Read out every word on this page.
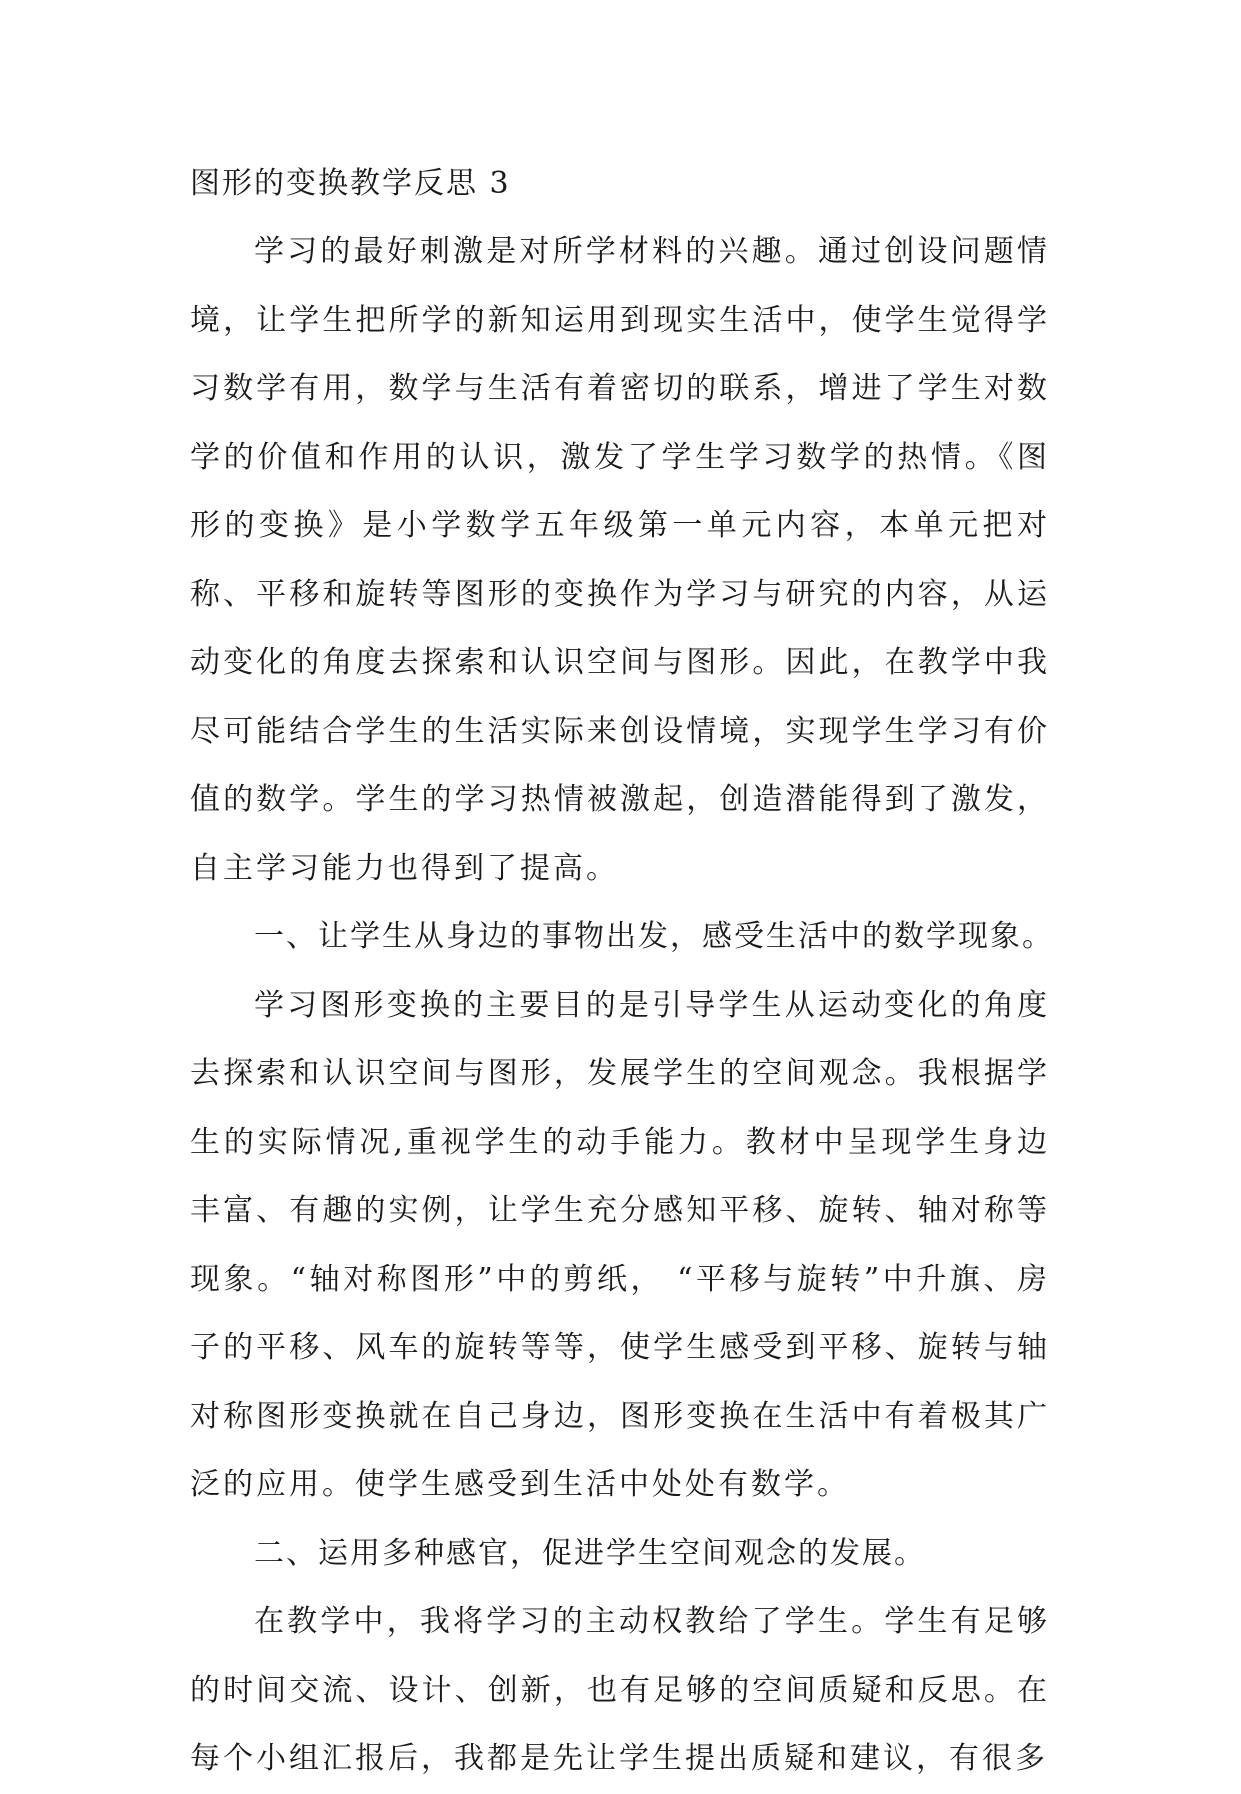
图形的变换教学反思 3

学习的最好刺激是对所学材料的兴趣。通过创设问题情境，让学生把所学的新知运用到现实生活中，使学生觉得学习数学有用，数学与生活有着密切的联系，增进了学生对数学的价值和作用的认识，激发了学生学习数学的热情。《图形的变换》是小学数学五年级第一单元内容，本单元把对称、平移和旋转等图形的变换作为学习与研究的内容，从运动变化的角度去探索和认识空间与图形。因此，在教学中我尽可能结合学生的生活实际来创设情境，实现学生学习有价值的数学。学生的学习热情被激起，创造潜能得到了激发，自主学习能力也得到了提高。

一、让学生从身边的事物出发，感受生活中的数学现象。

学习图形变换的主要目的是引导学生从运动变化的角度去探索和认识空间与图形，发展学生的空间观念。我根据学生的实际情况,重视学生的动手能力。教材中呈现学生身边丰富、有趣的实例，让学生充分感知平移、旋转、轴对称等现象。“轴对称图形”中的剪纸， “平移与旋转”中升旗、房子的平移、风车的旋转等等，使学生感受到平移、旋转与轴对称图形变换就在自己身边，图形变换在生活中有着极其广泛的应用。使学生感受到生活中处处有数学。

二、运用多种感官，促进学生空间观念的发展。

在教学中，我将学习的主动权教给了学生。学生有足够的时间交流、设计、创新，也有足够的空间质疑和反思。在每个小组汇报后，我都是先让学生提出质疑和建议，有很多
